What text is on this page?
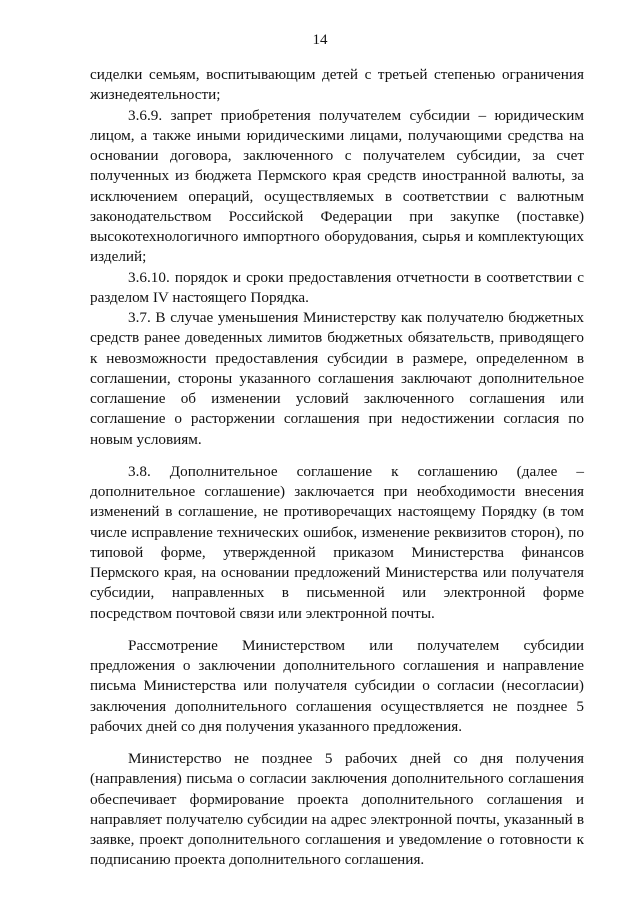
14

сиделки семьям, воспитывающим детей с третьей степенью ограничения жизнедеятельности;

3.6.9. запрет приобретения получателем субсидии – юридическим лицом, а также иными юридическими лицами, получающими средства на основании договора, заключенного с получателем субсидии, за счет полученных из бюджета Пермского края средств иностранной валюты, за исключением операций, осуществляемых в соответствии с валютным законодательством Российской Федерации при закупке (поставке) высокотехнологичного импортного оборудования, сырья и комплектующих изделий;

3.6.10. порядок и сроки предоставления отчетности в соответствии с разделом IV настоящего Порядка.

3.7. В случае уменьшения Министерству как получателю бюджетных средств ранее доведенных лимитов бюджетных обязательств, приводящего к невозможности предоставления субсидии в размере, определенном в соглашении, стороны указанного соглашения заключают дополнительное соглашение об изменении условий заключенного соглашения или соглашение о расторжении соглашения при недостижении согласия по новым условиям.

3.8. Дополнительное соглашение к соглашению (далее – дополнительное соглашение) заключается при необходимости внесения изменений в соглашение, не противоречащих настоящему Порядку (в том числе исправление технических ошибок, изменение реквизитов сторон), по типовой форме, утвержденной приказом Министерства финансов Пермского края, на основании предложений Министерства или получателя субсидии, направленных в письменной или электронной форме посредством почтовой связи или электронной почты.

Рассмотрение Министерством или получателем субсидии предложения о заключении дополнительного соглашения и направление письма Министерства или получателя субсидии о согласии (несогласии) заключения дополнительного соглашения осуществляется не позднее 5 рабочих дней со дня получения указанного предложения.

Министерство не позднее 5 рабочих дней со дня получения (направления) письма о согласии заключения дополнительного соглашения обеспечивает формирование проекта дополнительного соглашения и направляет получателю субсидии на адрес электронной почты, указанный в заявке, проект дополнительного соглашения и уведомление о готовности к подписанию проекта дополнительного соглашения.
